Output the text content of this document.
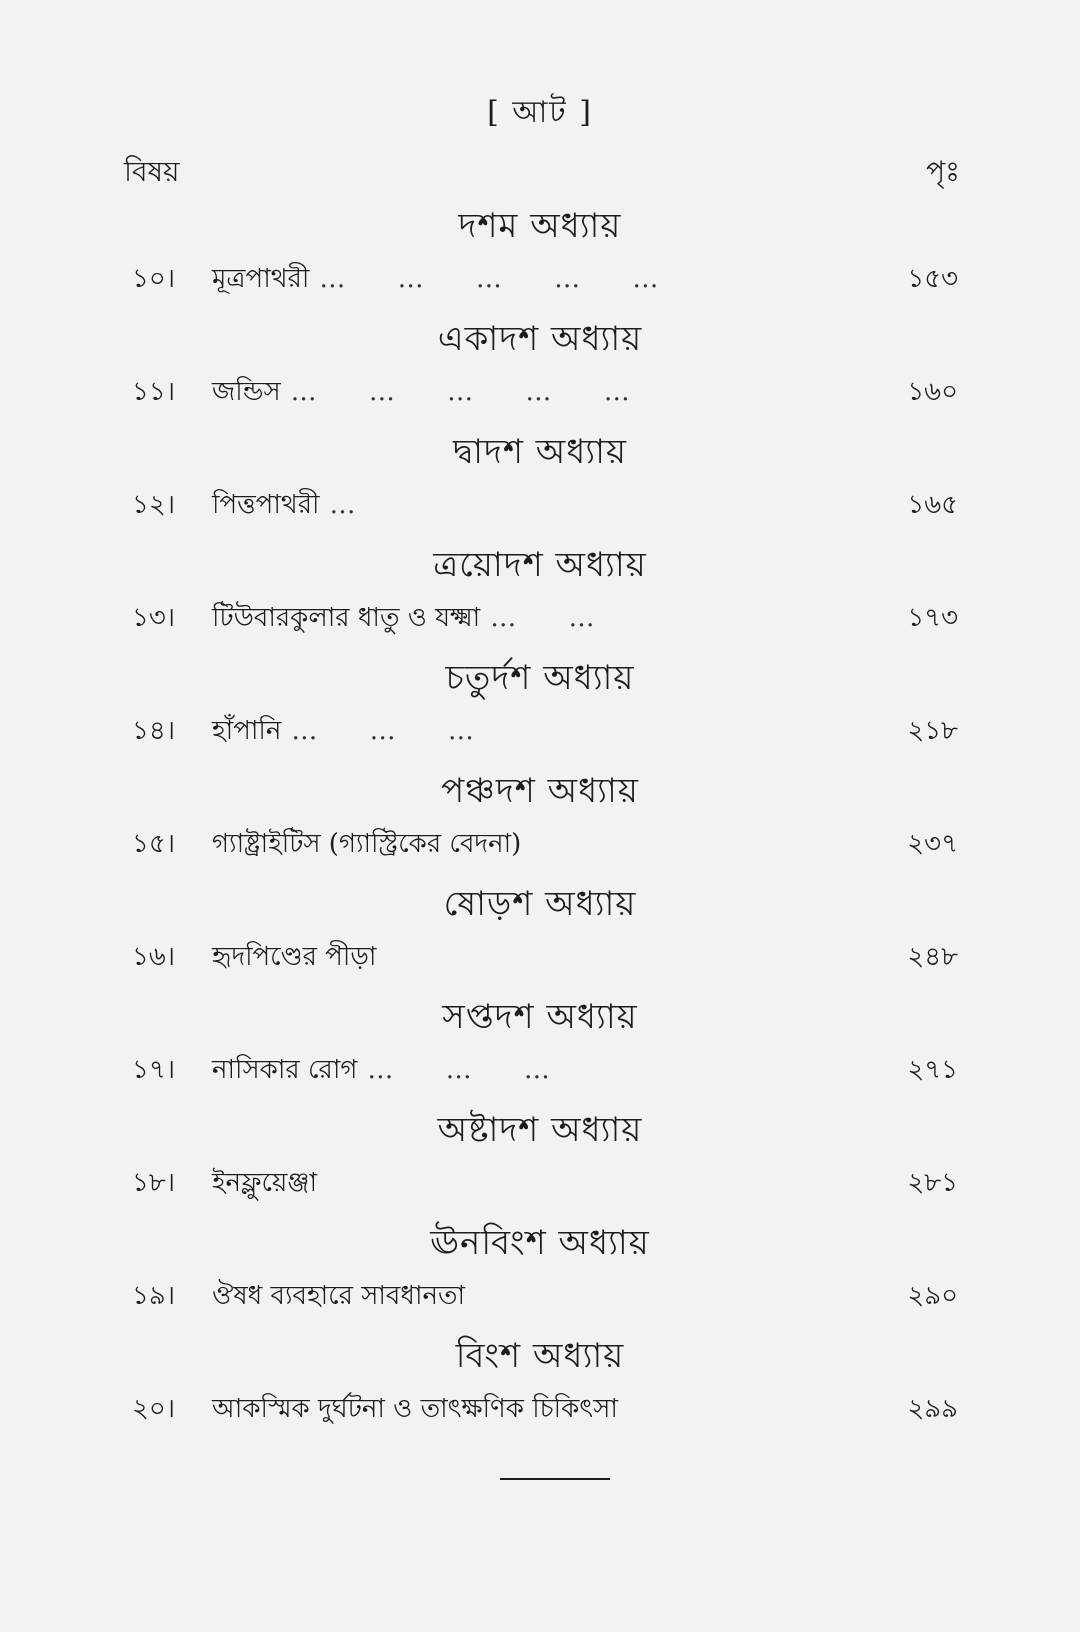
[ আট ]
বিষয়	পৃঃ
দশম অধ্যায়
১০।	মূত্রপাথরী … … … … …	১৫৩
একাদশ অধ্যায়
১১।	জন্ডিস … … … … …	১৬০
দ্বাদশ অধ্যায়
১২।	পিত্তপাথরী …	১৬৫
ত্রয়োদশ অধ্যায়
১৩।	টিউবারকুলার ধাতু ও যক্ষ্মা … …	১৭৩
চতুর্দশ অধ্যায়
১৪।	হাঁপানি … … …	২১৮
পঞ্চদশ অধ্যায়
১৫।	গ্যাষ্ট্রাইটিস (গ্যাস্ট্রিকের বেদনা)	২৩৭
ষোড়শ অধ্যায়
১৬।	হৃদপিণ্ডের পীড়া	২৪৮
সপ্তদশ অধ্যায়
১৭।	নাসিকার রোগ … … …	২৭১
অষ্টাদশ অধ্যায়
১৮।	ইনফ্লুয়েঞ্জা	২৮১
ঊনবিংশ অধ্যায়
১৯।	ঔষধ ব্যবহারে সাবধানতা	২৯০
বিংশ অধ্যায়
২০।	আকস্মিক দুর্ঘটনা ও তাৎক্ষণিক চিকিৎসা	২৯৯
